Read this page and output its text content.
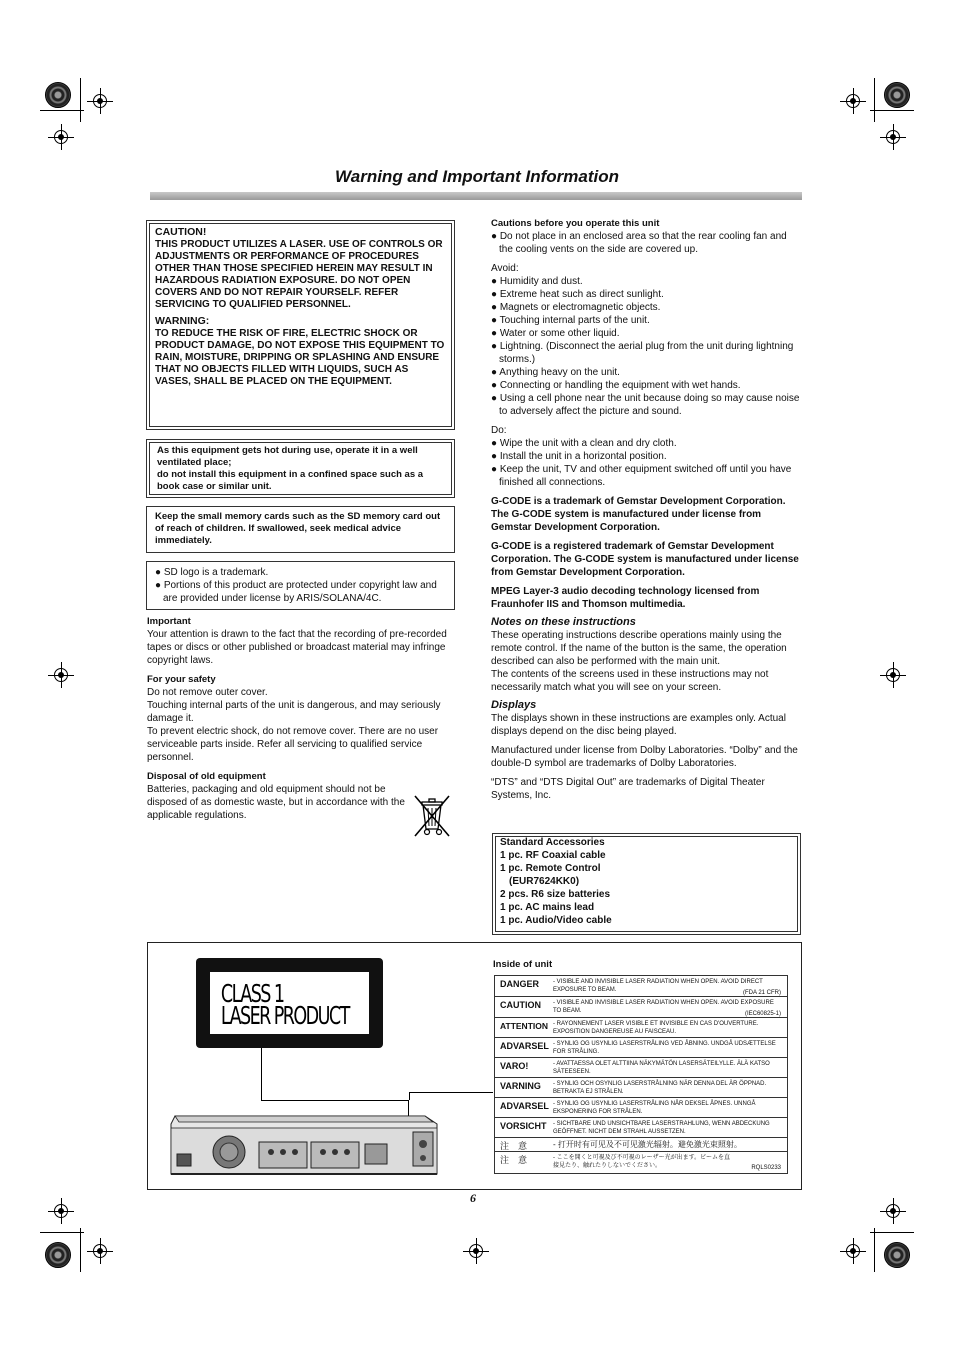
Warning and Important Information
CAUTION!
THIS PRODUCT UTILIZES A LASER. USE OF CONTROLS OR ADJUSTMENTS OR PERFORMANCE OF PROCEDURES OTHER THAN THOSE SPECIFIED HEREIN MAY RESULT IN HAZARDOUS RADIATION EXPOSURE. DO NOT OPEN COVERS AND DO NOT REPAIR YOURSELF. REFER SERVICING TO QUALIFIED PERSONNEL.
WARNING:
TO REDUCE THE RISK OF FIRE, ELECTRIC SHOCK OR PRODUCT DAMAGE, DO NOT EXPOSE THIS EQUIPMENT TO RAIN, MOISTURE, DRIPPING OR SPLASHING AND ENSURE THAT NO OBJECTS FILLED WITH LIQUIDS, SUCH AS VASES, SHALL BE PLACED ON THE EQUIPMENT.
As this equipment gets hot during use, operate it in a well ventilated place;
do not install this equipment in a confined space such as a book case or similar unit.
Keep the small memory cards such as the SD memory card out of reach of children. If swallowed, seek medical advice immediately.
● SD logo is a trademark.
● Portions of this product are protected under copyright law and are provided under license by ARIS/SOLANA/4C.
Important
Your attention is drawn to the fact that the recording of pre-recorded tapes or discs or other published or broadcast material may infringe copyright laws.
For your safety
Do not remove outer cover.
Touching internal parts of the unit is dangerous, and may seriously damage it.
To prevent electric shock, do not remove cover. There are no user serviceable parts inside. Refer all servicing to qualified service personnel.
Disposal of old equipment
Batteries, packaging and old equipment should not be disposed of as domestic waste, but in accordance with the applicable regulations.
Cautions before you operate this unit
● Do not place in an enclosed area so that the rear cooling fan and the cooling vents on the side are covered up.
Avoid:
● Humidity and dust.
● Extreme heat such as direct sunlight.
● Magnets or electromagnetic objects.
● Touching internal parts of the unit.
● Water or some other liquid.
● Lightning. (Disconnect the aerial plug from the unit during lightning storms.)
● Anything heavy on the unit.
● Connecting or handling the equipment with wet hands.
● Using a cell phone near the unit because doing so may cause noise to adversely affect the picture and sound.
Do:
● Wipe the unit with a clean and dry cloth.
● Install the unit in a horizontal position.
● Keep the unit, TV and other equipment switched off until you have finished all connections.
G-CODE is a trademark of Gemstar Development Corporation. The G-CODE system is manufactured under license from Gemstar Development Corporation.
G-CODE is a registered trademark of Gemstar Development Corporation. The G-CODE system is manufactured under license from Gemstar Development Corporation.
MPEG Layer-3 audio decoding technology licensed from Fraunhofer IIS and Thomson multimedia.
Notes on these instructions
These operating instructions describe operations mainly using the remote control. If the name of the button is the same, the operation described can also be performed with the main unit.
The contents of the screens used in these instructions may not necessarily match what you will see on your screen.
Displays
The displays shown in these instructions are examples only. Actual displays depend on the disc being played.
Manufactured under license from Dolby Laboratories. “Dolby” and the double-D symbol are trademarks of Dolby Laboratories.
“DTS” and “DTS Digital Out” are trademarks of Digital Theater Systems, Inc.
Standard Accessories
1 pc. RF Coaxial cable
1 pc. Remote Control
(EUR7624KK0)
2 pcs. R6 size batteries
1 pc. AC mains lead
1 pc. Audio/Video cable
CLASS 1
LASER PRODUCT
Inside of unit
DANGER - VISIBLE AND INVISIBLE LASER RADIATION WHEN OPEN. AVOID DIRECT EXPOSURE TO BEAM.	(FDA 21 CFR)
CAUTION - VISIBLE AND INVISIBLE LASER RADIATION WHEN OPEN. AVOID EXPOSURE TO BEAM.	(IEC60825-1)
ATTENTION - RAYONNEMENT LASER VISIBLE ET INVISIBLE EN CAS D'OUVERTURE. EXPOSITION DANGEREUSE AU FAISCEAU.
ADVARSEL - SYNLIG OG USYNLIG LASERSTRÅLING VED ÅBNING. UNDGÅ UDSÆTTELSE FOR STRÅLING.
VARO!	- AVATTAESSA OLET ALTTIINA NÄKYMÄTÖN LASERSÄTEILYLLE. ÄLÄ KATSO SÄTEESEEN.
VARNING - SYNLIG OCH OSYNLIG LASERSTRÅLNING NÄR DENNA DEL ÄR ÖPPNAD. BETRAKTA EJ STRÅLEN.
ADVARSEL - SYNLIG OG USYNLIG LASERSTRÅLING NÅR DEKSEL ÅPNES. UNNGÅ EKSPONERING FOR STRÅLEN.
VORSICHT - SICHTBARE UND UNSICHTBARE LASERSTRAHLUNG, WENN ABDECKUNG GEÖFFNET. NICHT DEM STRAHL AUSSETZEN.
注　意	- 打开时有可见及不可见激光辐射。避免激光束照射。
注　意	- ここを開くと可視及び不可視のレーザー光が出ます。ビームを直接見たり、触れたりしないでください。	RQLS0233
6
